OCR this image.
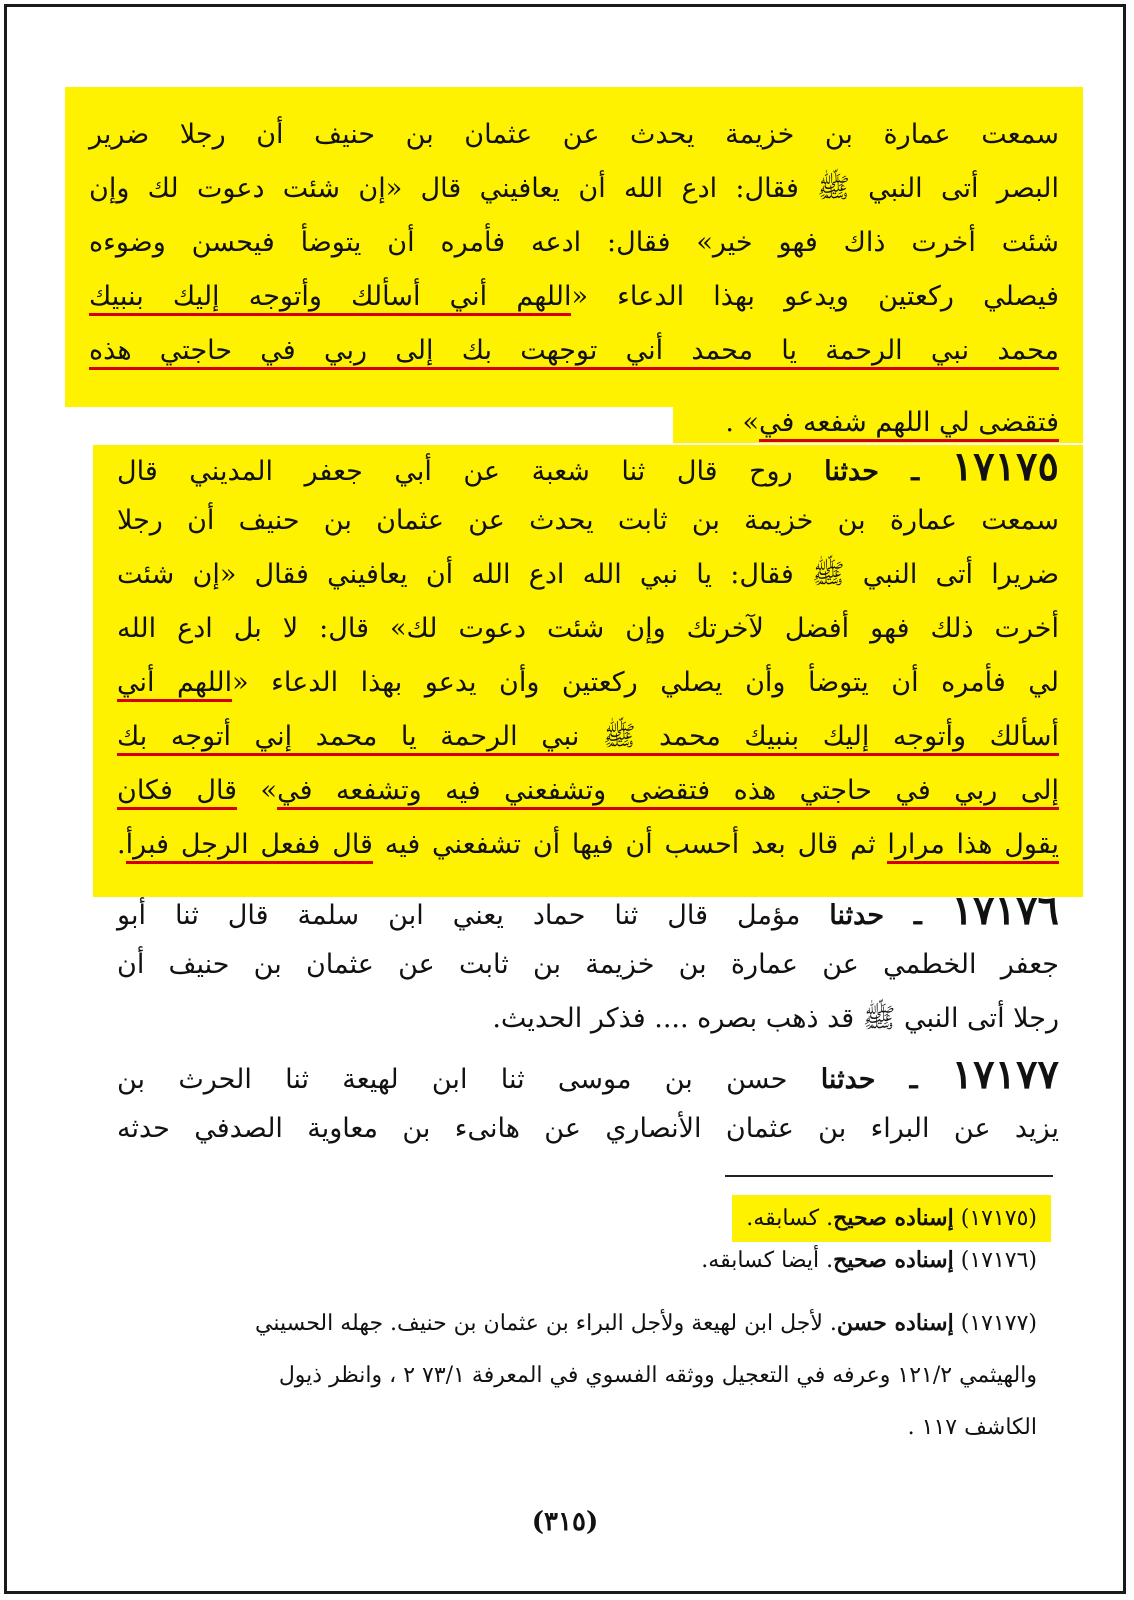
سمعت عمارة بن خزيمة يحدث عن عثمان بن حنيف أن رجلا ضرير
البصر أتى النبي ﷺ فقال: ادع الله أن يعافيني قال «إن شئت دعوت لك وإن
شئت أخرت ذاك فهو خير» فقال: ادعه فأمره أن يتوضأ فيحسن وضوءه
فيصلي ركعتين ويدعو بهذا الدعاء «اللهم أني أسألك وأتوجه إليك بنبيك
محمد نبي الرحمة يا محمد أني توجهت بك إلى ربي في حاجتي هذه
فتقضى لي اللهم شفعه في» .
١٧١٧٥ ـ حدثنا روح قال ثنا شعبة عن أبي جعفر المديني قال
سمعت عمارة بن خزيمة بن ثابت يحدث عن عثمان بن حنيف أن رجلا
ضريرا أتى النبي ﷺ فقال: يا نبي الله ادع الله أن يعافيني فقال «إن شئت
أخرت ذلك فهو أفضل لآخرتك وإن شئت دعوت لك» قال: لا بل ادع الله
لي فأمره أن يتوضأ وأن يصلي ركعتين وأن يدعو بهذا الدعاء «اللهم أني
أسألك وأتوجه إليك بنبيك محمد ﷺ نبي الرحمة يا محمد إني أتوجه بك
إلى ربي في حاجتي هذه فتقضى وتشفعني فيه وتشفعه في» قال فكان
يقول هذا مرارا ثم قال بعد أحسب أن فيها أن تشفعني فيه قال ففعل الرجل فبرأ.
١٧١٧٦ ـ حدثنا مؤمل قال ثنا حماد يعني ابن سلمة قال ثنا أبو
جعفر الخطمي عن عمارة بن خزيمة بن ثابت عن عثمان بن حنيف أن
رجلا أتى النبي ﷺ قد ذهب بصره .... فذكر الحديث.
١٧١٧٧ ـ حدثنا حسن بن موسى ثنا ابن لهيعة ثنا الحرث بن
يزيد عن البراء بن عثمان الأنصاري عن هانىء بن معاوية الصدفي حدثه
(١٧١٧٥) إسناده صحيح. كسابقه.
(١٧١٧٦) إسناده صحيح. أيضا كسابقه.
(١٧١٧٧) إسناده حسن. لأجل ابن لهيعة ولأجل البراء بن عثمان بن حنيف. جهله الحسيني
والهيثمي ١٢١/٢ وعرفه في التعجيل ووثقه الفسوي في المعرفة ٧٣/١ ٢ ، وانظر ذيول
الكاشف ١١٧ .
(٣١٥)
